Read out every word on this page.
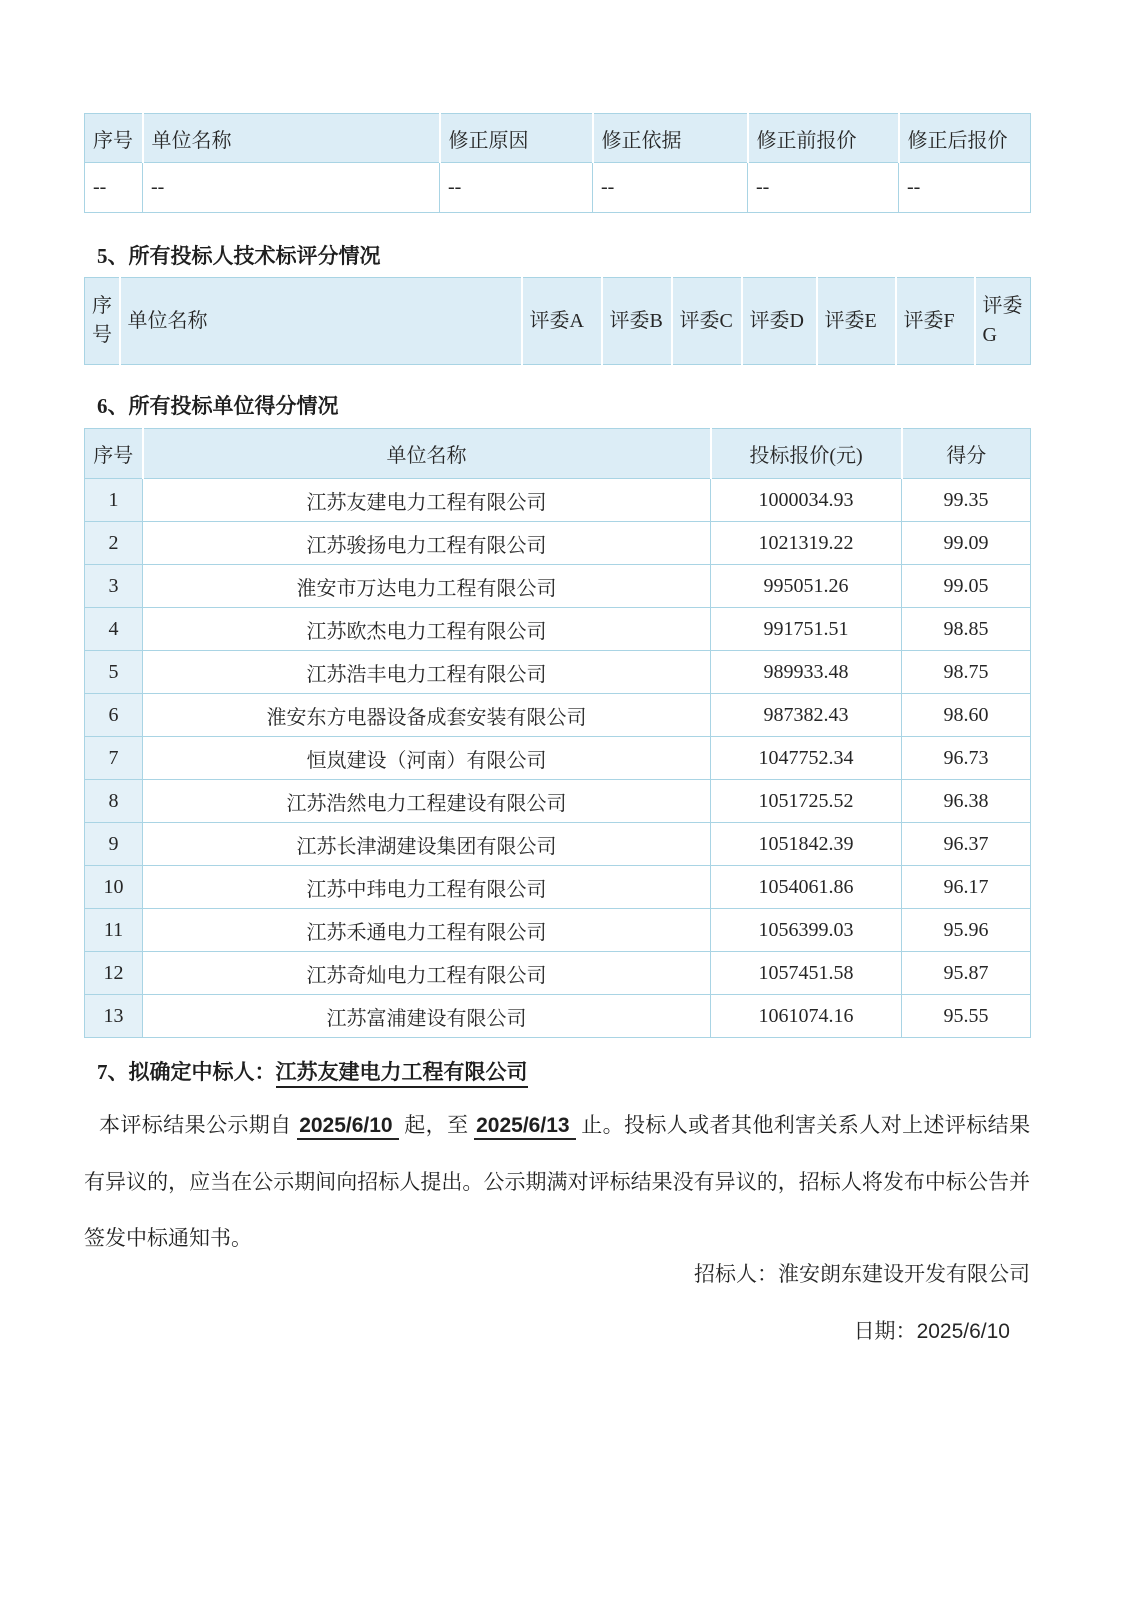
序号	单位名称	修正原因	修正依据	修正前报价	修正后报价
--	--	--	--	--	--
5、所有投标人技术标评分情况
序号	单位名称	评委A	评委B	评委C	评委D	评委E	评委F	评委G
6、所有投标单位得分情况
序号	单位名称	投标报价(元)	得分
1	江苏友建电力工程有限公司	1000034.93	99.35
2	江苏骏扬电力工程有限公司	1021319.22	99.09
3	淮安市万达电力工程有限公司	995051.26	99.05
4	江苏欧杰电力工程有限公司	991751.51	98.85
5	江苏浩丰电力工程有限公司	989933.48	98.75
6	淮安东方电器设备成套安装有限公司	987382.43	98.60
7	恒岚建设（河南）有限公司	1047752.34	96.73
8	江苏浩然电力工程建设有限公司	1051725.52	96.38
9	江苏长津湖建设集团有限公司	1051842.39	96.37
10	江苏中玮电力工程有限公司	1054061.86	96.17
11	江苏禾通电力工程有限公司	1056399.03	95.96
12	江苏奇灿电力工程有限公司	1057451.58	95.87
13	江苏富浦建设有限公司	1061074.16	95.55
7、拟确定中标人：江苏友建电力工程有限公司
本评标结果公示期自 2025/6/10 起，至 2025/6/13 止。投标人或者其他利害关系人对上述评标结果有异议的，应当在公示期间向招标人提出。公示期满对评标结果没有异议的，招标人将发布中标公告并签发中标通知书。
招标人：淮安朗东建设开发有限公司
日期：2025/6/10
